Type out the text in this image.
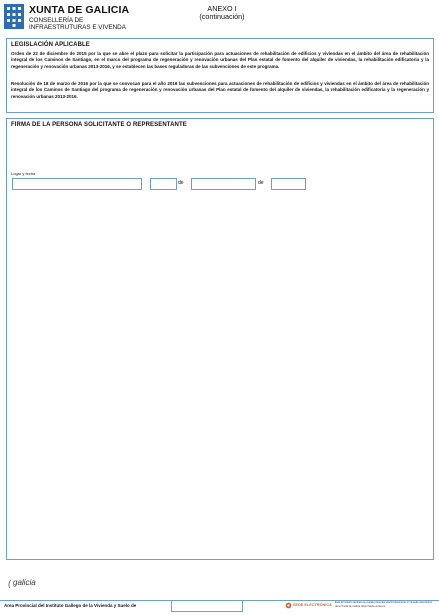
XUNTA DE GALICIA
CONSELLERÍA DE
INFRAESTRUTURAS E VIVENDA
ANEXO I
(continuación)
LEGISLACIÓN APLICABLE
Orden de 22 de diciembre de 2015 por la que se abre el plazo para solicitar la participación para actuaciones de rehabilitación de edificios y viviendas en el ámbito del área de rehabilitación integral de los Caminos de Santiago, en el marco del programa de regeneración y renovación urbanas del Plan estatal de fomento del alquiler de viviendas, la rehabilitación edificatoria y la regeneración y renovación urbanas 2013-2016, y se establecen las bases reguladoras de las subvenciones de este programa.
Resolución de 18 de marzo de 2016 por la que se convocan para el año 2016 las subvenciones para actuaciones de rehabilitación de edificios y viviendas en el ámbito del área de rehabilitación integral de los Caminos de Santiago del programa de regeneración y renovación urbanas del Plan estatal de fomento del alquiler de viviendas, la rehabilitación edificatoria y la regeneración y renovación urbanas 2013-2016.
FIRMA DE LA PERSONA SOLICITANTE O REPRESENTANTE
Lugar y fecha
,	de	de
galicia
Área Provincial del Instituto Gallego de la Vivienda y Suelo de	SEDE ELECTRÓNICA
Este formulario también se puede presentar electrónicamente en la sede electrónica de la Xunta de Galicia https://sede.xunta.es
